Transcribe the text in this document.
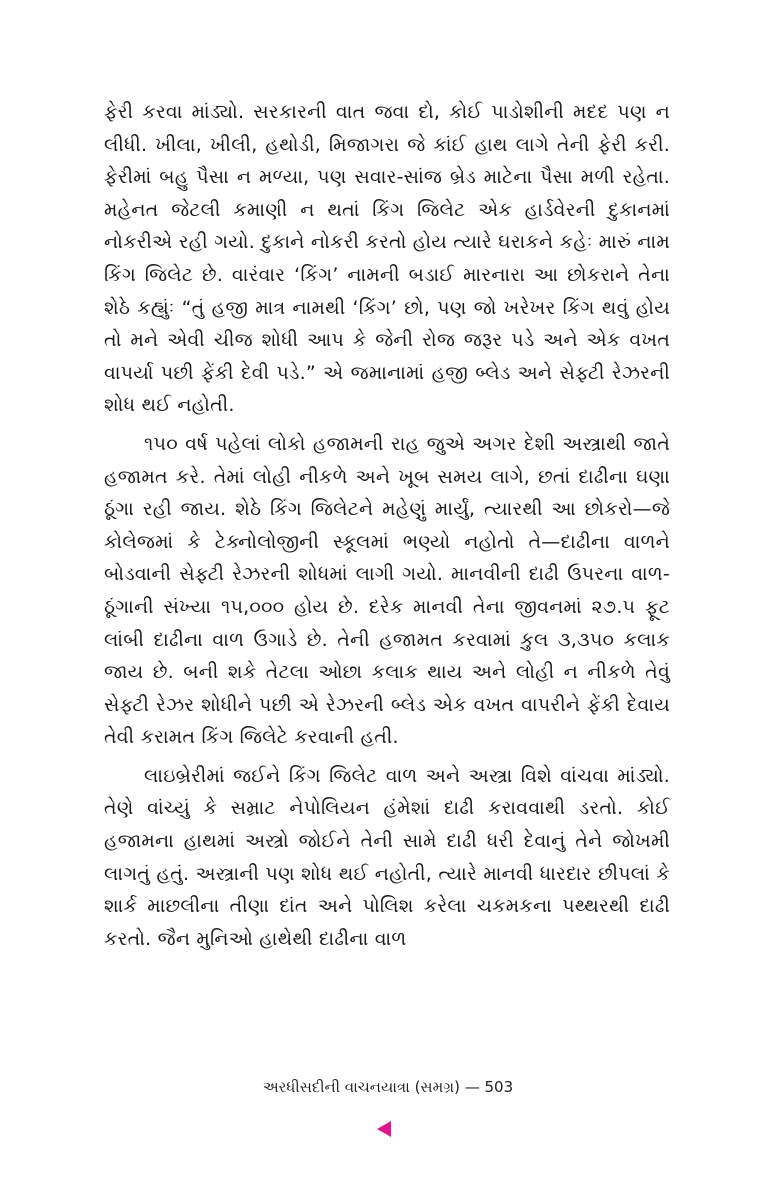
ફેરી કરવા માંડ્યો. સરકારની વાત જવા દો, કોઈ પાડોશીની મદદ પણ ન લીધી. ખીલા, ખીલી, હથોડી, મિજાગરા જે કાંઈ હાથ લાગે તેની ફેરી કરી. ફેરીમાં બહુ પૈસા ન મળ્યા, પણ સવાર-સાંજ બ્રેડ માટેના પૈસા મળી રહેતા. મહેનત જેટલી કમાણી ન થતાં કિંગ જિલેટ એક હાર્ડવેરની દુકાનમાં નોકરીએ રહી ગયો. દુકાને નોકરી કરતો હોય ત્યારે ઘરાકને કહેઃ મારું નામ કિંગ જિલેટ છે. વારંવાર ‘કિંગ’ નામની બડાઈ મારનારા આ છોકરાને તેના શેઠે કહ્યુંઃ “તું હજી માત્ર નામથી ‘કિંગ’ છો, પણ જો ખરેખર કિંગ થવું હોય તો મને એવી ચીજ શોધી આપ કે જેની રોજ જરૂર પડે અને એક વખત વાપર્યા પછી ફેંકી દેવી પડે.” એ જમાનામાં હજી બ્લેડ અને સેફ્ટી રેઝરની શોધ થઈ નહોતી.

૧૫૦ વર્ષ પહેલાં લોકો હજામની રાહ જુએ અગર દેશી અસ્ત્રાથી જાતે હજામત કરે. તેમાં લોહી નીકળે અને ખૂબ સમય લાગે, છતાં દાઢીના ઘણા ઠૂંગા રહી જાય. શેઠે કિંગ જિલેટને મહેણું માર્યું, ત્યારથી આ છોકરો—જે કોલેજમાં કે ટેક્નોલોજીની સ્કૂલમાં ભણ્યો નહોતો તે—દાઢીના વાળને બોડવાની સેફ્ટી રેઝરની શોધમાં લાગી ગયો. માનવીની દાઢી ઉપરના વાળ-ઠૂંગાની સંખ્યા ૧૫,૦૦૦ હોય છે. દરેક માનવી તેના જીવનમાં ૨૭.૫ ફૂટ લાંબી દાઢીના વાળ ઉગાડે છે. તેની હજામત કરવામાં કુલ ૩,૩૫૦ કલાક જાય છે. બની શકે તેટલા ઓછા કલાક થાય અને લોહી ન નીકળે તેવું સેફ્ટી રેઝર શોધીને પછી એ રેઝરની બ્લેડ એક વખત વાપરીને ફેંકી દેવાય તેવી કરામત કિંગ જિલેટે કરવાની હતી.

લાઇબ્રેરીમાં જઈને કિંગ જિલેટ વાળ અને અસ્ત્રા વિશે વાંચવા માંડ્યો. તેણે વાંચ્યું કે સમ્રાટ નેપોલિયન હંમેશાં દાઢી કરાવવાથી ડરતો. કોઈ હજામના હાથમાં અસ્ત્રો જોઈને તેની સામે દાઢી ધરી દેવાનું તેને જોખમી લાગતું હતું. અસ્ત્રાની પણ શોધ થઈ નહોતી, ત્યારે માનવી ધારદાર છીપલાં કે શાર્ક માછલીના તીણા દાંત અને પોલિશ કરેલા ચકમકના પથ્થરથી દાઢી કરતો. જૈન મુનિઓ હાથેથી દાઢીના વાળ

અરધીસદીની વાચનયાત્રા (સમગ્ર) — 503
